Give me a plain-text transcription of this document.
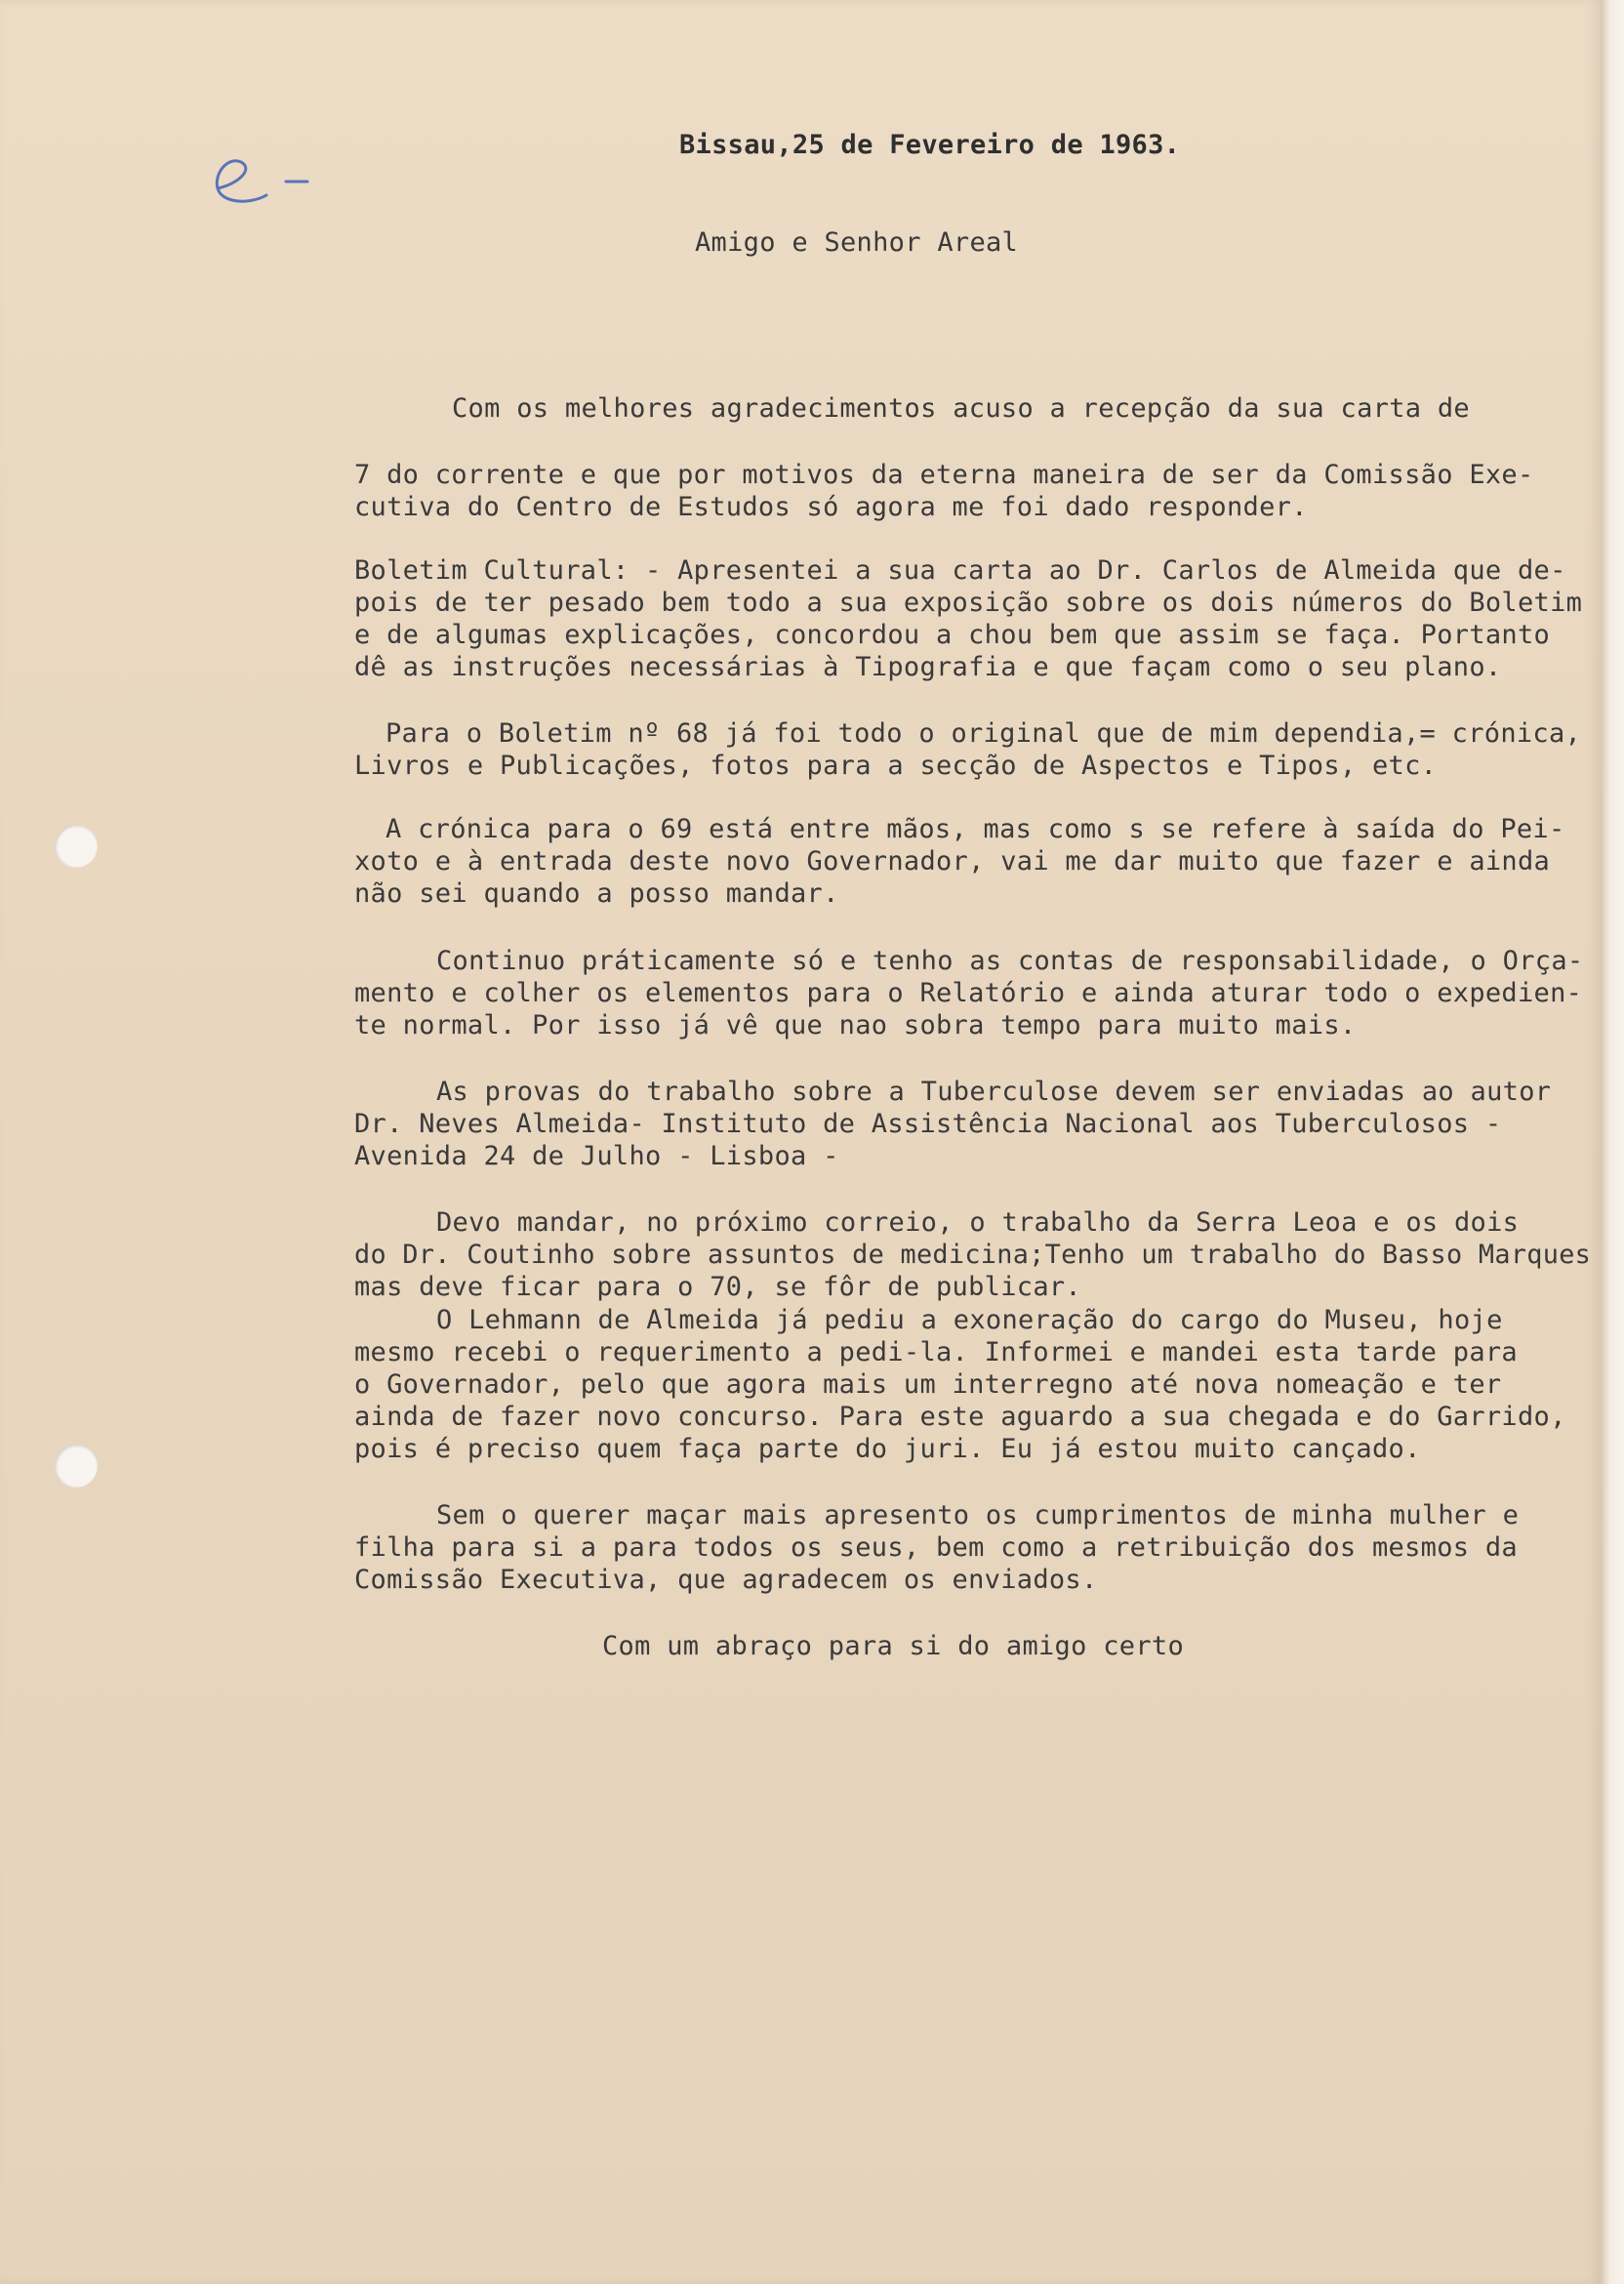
Bissau,25 de Fevereiro de 1963.
Amigo e Senhor Areal
Com os melhores agradecimentos acuso a recepção da sua carta de
7 do corrente e que por motivos da eterna maneira de ser da Comissão Exe-
cutiva do Centro de Estudos só agora me foi dado responder.
Boletim Cultural: - Apresentei a sua carta ao Dr. Carlos de Almeida que de-
pois de ter pesado bem todo a sua exposição sobre os dois números do Boletim
e de algumas explicações, concordou a chou bem que assim se faça. Portanto
dê as instruções necessárias à Tipografia e que façam como o seu plano.
Para o Boletim nº 68 já foi todo o original que de mim dependia,= crónica,
Livros e Publicações, fotos para a secção de Aspectos e Tipos, etc.
A crónica para o 69 está entre mãos, mas como s se refere à saída do Pei-
xoto e à entrada deste novo Governador, vai me dar muito que fazer e ainda
não sei quando a posso mandar.
Continuo práticamente só e tenho as contas de responsabilidade, o Orça-
mento e colher os elementos para o Relatório e ainda aturar todo o expedien-
te normal. Por isso já vê que nao sobra tempo para muito mais.
As provas do trabalho sobre a Tuberculose devem ser enviadas ao autor
Dr. Neves Almeida- Instituto de Assistência Nacional aos Tuberculosos -
Avenida 24 de Julho - Lisboa -
Devo mandar, no próximo correio, o trabalho da Serra Leoa e os dois
do Dr. Coutinho sobre assuntos de medicina;Tenho um trabalho do Basso Marques
mas deve ficar para o 70, se fôr de publicar.
O Lehmann de Almeida já pediu a exoneração do cargo do Museu, hoje
mesmo recebi o requerimento a pedi-la. Informei e mandei esta tarde para
o Governador, pelo que agora mais um interregno até nova nomeação e ter
ainda de fazer novo concurso. Para este aguardo a sua chegada e do Garrido,
pois é preciso quem faça parte do juri. Eu já estou muito cançado.
Sem o querer maçar mais apresento os cumprimentos de minha mulher e
filha para si a para todos os seus, bem como a retribuição dos mesmos da
Comissão Executiva, que agradecem os enviados.
Com um abraço para si do amigo certo
